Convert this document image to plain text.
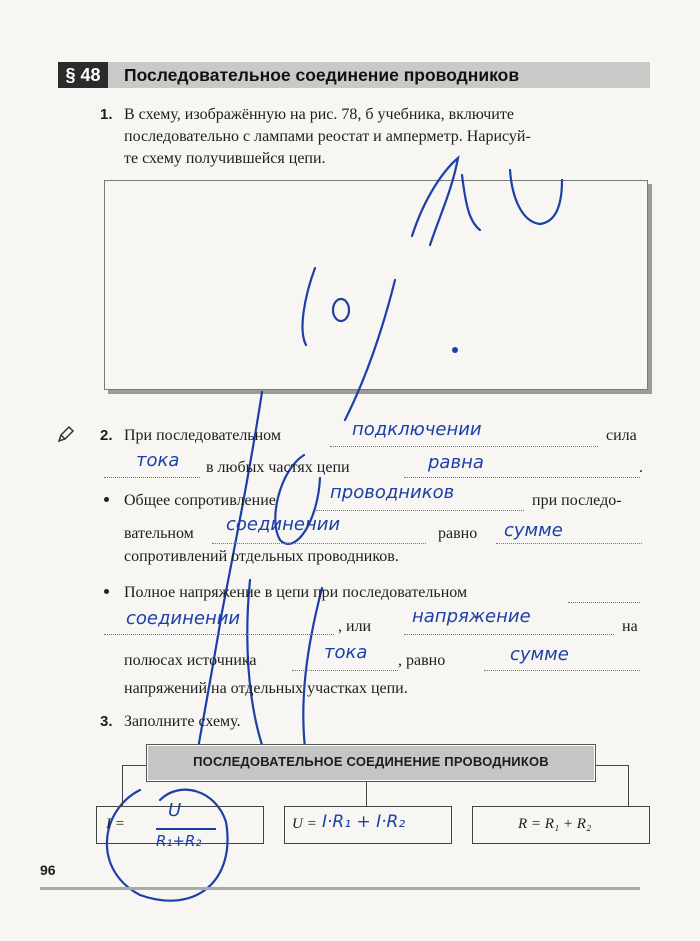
§ 48	Последовательное соединение проводников
1. В схему, изображённую на рис. 78, б учебника, включите
последовательно с лампами реостат и амперметр. Нарисуй-
те схему получившейся цепи.
2. При последовательном	подключении	сила
тока в любых частях цепи	равна	.
Общее сопротивление	проводников	при последо-
вательном соединении	равно сумме
сопротивлений отдельных проводников.
Полное напряжение в цепи при последовательном
соединении	, или напряжение	на
полюсах источника	тока , равно	сумме
напряжений на отдельных участках цепи.
3. Заполните схему.
ПОСЛЕДОВАТЕЛЬНОЕ СОЕДИНЕНИЕ ПРОВОДНИКОВ
I =
U
R₁+R₂
U = I·R₁ + I·R₂	R = R₁ + R₂
96
